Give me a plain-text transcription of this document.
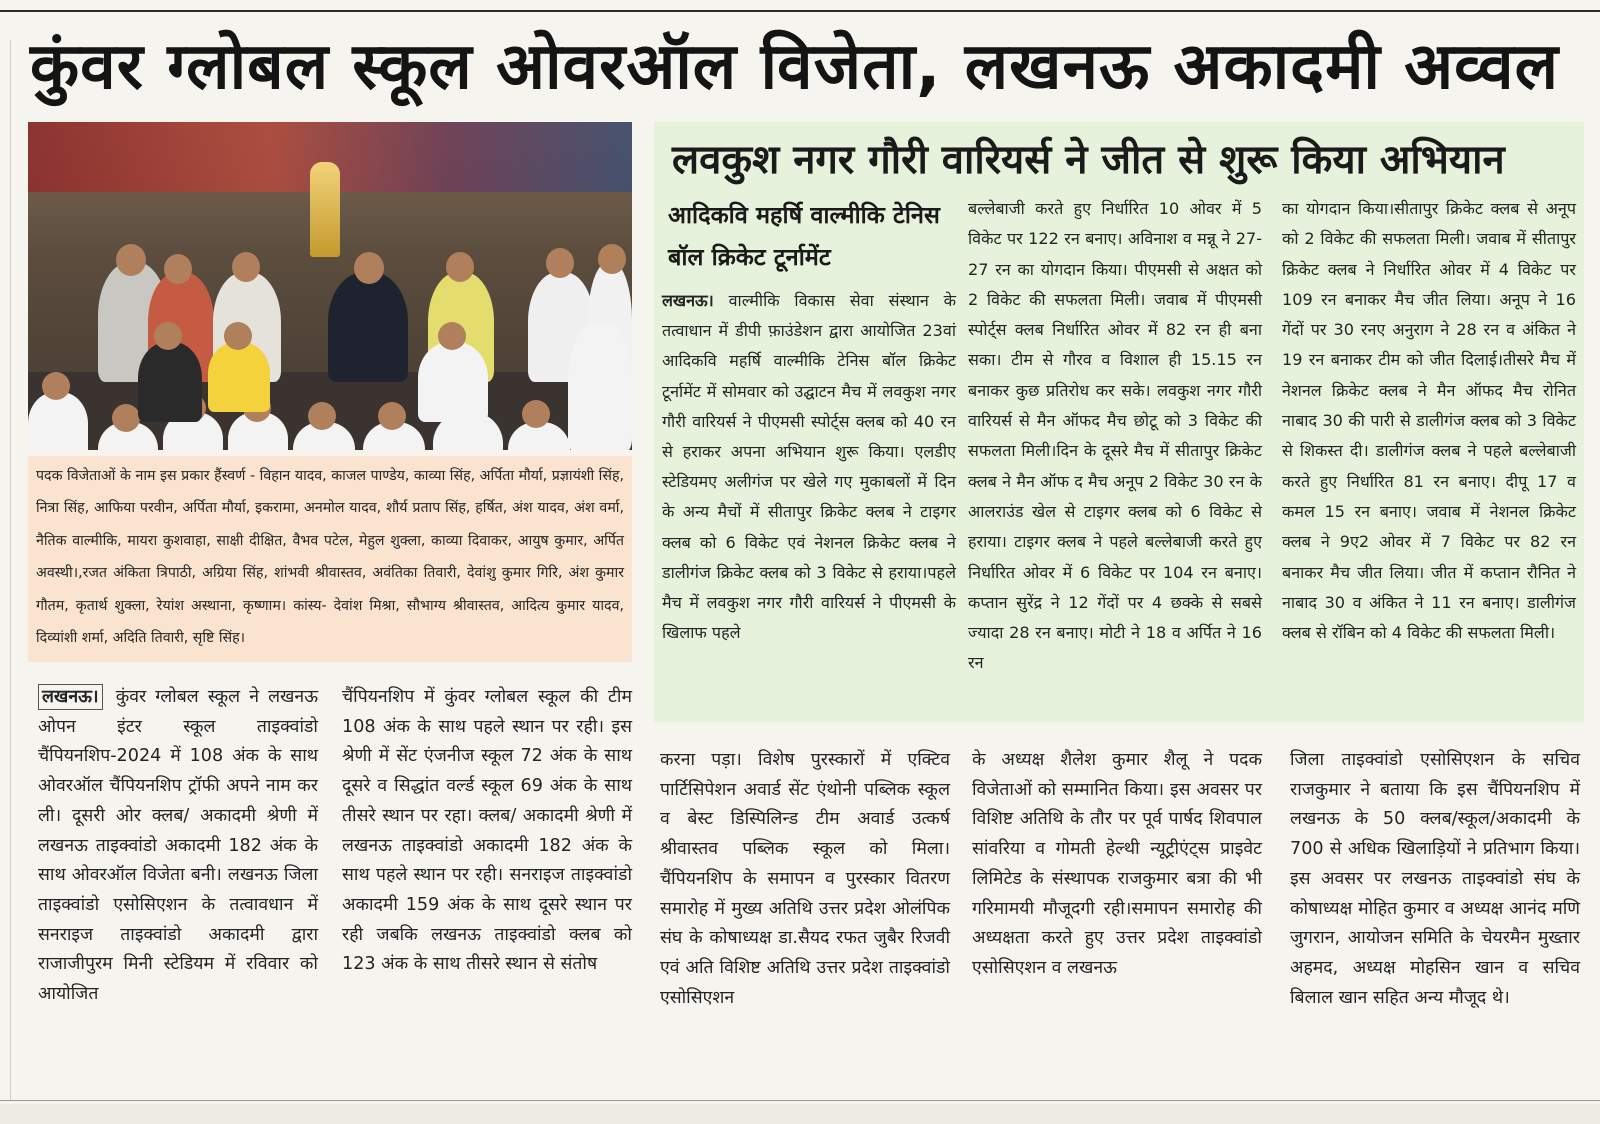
कुंवर ग्लोबल स्कूल ओवरऑल विजेता, लखनऊ अकादमी अव्वल
पदक विजेताओं के नाम इस प्रकार हैंस्वर्ण - विहान यादव, काजल पाण्डेय, काव्या सिंह, अर्पिता मौर्या, प्रज्ञायंशी सिंह, नित्रा सिंह, आफिया परवीन, अर्पिता मौर्या, इकरामा, अनमोल यादव, शौर्य प्रताप सिंह, हर्षित, अंश यादव, अंश वर्मा, नैतिक वाल्मीकि, मायरा कुशवाहा, साक्षी दीक्षित, वैभव पटेल, मेहुल शुक्ला, काव्या दिवाकर, आयुष कुमार, अर्पित अवस्थी।,रजत अंकिता त्रिपाठी, अग्रिया सिंह, शांभवी श्रीवास्तव, अवंतिका तिवारी, देवांशु कुमार गिरि, अंश कुमार गौतम, कृतार्थ शुक्ला, रेयांश अस्थाना, कृष्णाम। कांस्य- देवांश मिश्रा, सौभाग्य श्रीवास्तव, आदित्य कुमार यादव, दिव्यांशी शर्मा, अदिति तिवारी, सृष्टि सिंह।
लवकुश नगर गौरी वारियर्स ने जीत से शुरू किया अभियान
आदिकवि महर्षि वाल्मीकि टेनिस बॉल क्रिकेट टूर्नामेंट
लखनऊ। वाल्मीकि विकास सेवा संस्थान के तत्वाधान में डीपी फ़ाउंडेशन द्वारा आयोजित 23वां आदिकवि महर्षि वाल्मीकि टेनिस बॉल क्रिकेट टूर्नामेंट में सोमवार को उद्घाटन मैच में लवकुश नगर गौरी वारियर्स ने पीएमसी स्पोर्ट्स क्लब को 40 रन से हराकर अपना अभियान शुरू किया। एलडीए स्टेडियमए अलीगंज पर खेले गए मुकाबलों में दिन के अन्य मैचों में सीतापुर क्रिकेट क्लब ने टाइगर क्लब को 6 विकेट एवं नेशनल क्रिकेट क्लब ने डालीगंज क्रिकेट क्लब को 3 विकेट से हराया।पहले मैच में लवकुश नगर गौरी वारियर्स ने पीएमसी के खिलाफ पहले
बल्लेबाजी करते हुए निर्धारित 10 ओवर में 5 विकेट पर 122 रन बनाए। अविनाश व मन्नू ने 27-27 रन का योगदान किया। पीएमसी से अक्षत को 2 विकेट की सफलता मिली। जवाब में पीएमसी स्पोर्ट्स क्लब निर्धारित ओवर में 82 रन ही बना सका। टीम से गौरव व विशाल ही 15.15 रन बनाकर कुछ प्रतिरोध कर सके। लवकुश नगर गौरी वारियर्स से मैन ऑफद मैच छोटू को 3 विकेट की सफलता मिली।दिन के दूसरे मैच में सीतापुर क्रिकेट क्लब ने मैन ऑफ द मैच अनूप 2 विकेट 30 रन के आलराउंड खेल से टाइगर क्लब को 6 विकेट से हराया। टाइगर क्लब ने पहले बल्लेबाजी करते हुए निर्धारित ओवर में 6 विकेट पर 104 रन बनाए। कप्तान सुरेंद्र ने 12 गेंदों पर 4 छक्के से सबसे ज्यादा 28 रन बनाए। मोटी ने 18 व अर्पित ने 16 रन
का योगदान किया।सीतापुर क्रिकेट क्लब से अनूप को 2 विकेट की सफलता मिली। जवाब में सीतापुर क्रिकेट क्लब ने निर्धारित ओवर में 4 विकेट पर 109 रन बनाकर मैच जीत लिया। अनूप ने 16 गेंदों पर 30 रनए अनुराग ने 28 रन व अंकित ने 19 रन बनाकर टीम को जीत दिलाई।तीसरे मैच में नेशनल क्रिकेट क्लब ने मैन ऑफद मैच रोनित नाबाद 30 की पारी से डालीगंज क्लब को 3 विकेट से शिकस्त दी। डालीगंज क्लब ने पहले बल्लेबाजी करते हुए निर्धारित 81 रन बनाए। दीपू 17 व कमल 15 रन बनाए। जवाब में नेशनल क्रिकेट क्लब ने 9ए2 ओवर में 7 विकेट पर 82 रन बनाकर मैच जीत लिया। जीत में कप्तान रौनित ने नाबाद 30 व अंकित ने 11 रन बनाए। डालीगंज क्लब से रॉबिन को 4 विकेट की सफलता मिली।
लखनऊ। कुंवर ग्लोबल स्कूल ने लखनऊ ओपन इंटर स्कूल ताइक्वांडो चैंपियनशिप-2024 में 108 अंक के साथ ओवरऑल चैंपियनशिप ट्रॉफी अपने नाम कर ली। दूसरी ओर क्लब/ अकादमी श्रेणी में लखनऊ ताइक्वांडो अकादमी 182 अंक के साथ ओवरऑल विजेता बनी। लखनऊ जिला ताइक्वांडो एसोसिएशन के तत्वावधान में सनराइज ताइक्वांडो अकादमी द्वारा राजाजीपुरम मिनी स्टेडियम में रविवार को आयोजित
चैंपियनशिप में कुंवर ग्लोबल स्कूल की टीम 108 अंक के साथ पहले स्थान पर रही। इस श्रेणी में सेंट एंजनीज स्कूल 72 अंक के साथ दूसरे व सिद्धांत वर्ल्ड स्कूल 69 अंक के साथ तीसरे स्थान पर रहा। क्लब/ अकादमी श्रेणी में लखनऊ ताइक्वांडो अकादमी 182 अंक के साथ पहले स्थान पर रही। सनराइज ताइक्वांडो अकादमी 159 अंक के साथ दूसरे स्थान पर रही जबकि लखनऊ ताइक्वांडो क्लब को 123 अंक के साथ तीसरे स्थान से संतोष
करना पड़ा। विशेष पुरस्कारों में एक्टिव पार्टिसिपेशन अवार्ड सेंट एंथोनी पब्लिक स्कूल व बेस्ट डिस्पिलिन्ड टीम अवार्ड उत्कर्ष श्रीवास्तव पब्लिक स्कूल को मिला। चैंपियनशिप के समापन व पुरस्कार वितरण समारोह में मुख्य अतिथि उत्तर प्रदेश ओलंपिक संघ के कोषाध्यक्ष डा.सैयद रफत जुबैर रिजवी एवं अति विशिष्ट अतिथि उत्तर प्रदेश ताइक्वांडो एसोसिएशन
के अध्यक्ष शैलेश कुमार शैलू ने पदक विजेताओं को सम्मानित किया। इस अवसर पर विशिष्ट अतिथि के तौर पर पूर्व पार्षद शिवपाल सांवरिया व गोमती हेल्थी न्यूट्रीएंट्स प्राइवेट लिमिटेड के संस्थापक राजकुमार बत्रा की भी गरिमामयी मौजूदगी रही।समापन समारोह की अध्यक्षता करते हुए उत्तर प्रदेश ताइक्वांडो एसोसिएशन व लखनऊ
जिला ताइक्वांडो एसोसिएशन के सचिव राजकुमार ने बताया कि इस चैंपियनशिप में लखनऊ के 50 क्लब/स्कूल/अकादमी के 700 से अधिक खिलाड़ियों ने प्रतिभाग किया। इस अवसर पर लखनऊ ताइक्वांडो संघ के कोषाध्यक्ष मोहित कुमार व अध्यक्ष आनंद मणि जुगरान, आयोजन समिति के चेयरमैन मुख्तार अहमद, अध्यक्ष मोहसिन खान व सचिव बिलाल खान सहित अन्य मौजूद थे।
